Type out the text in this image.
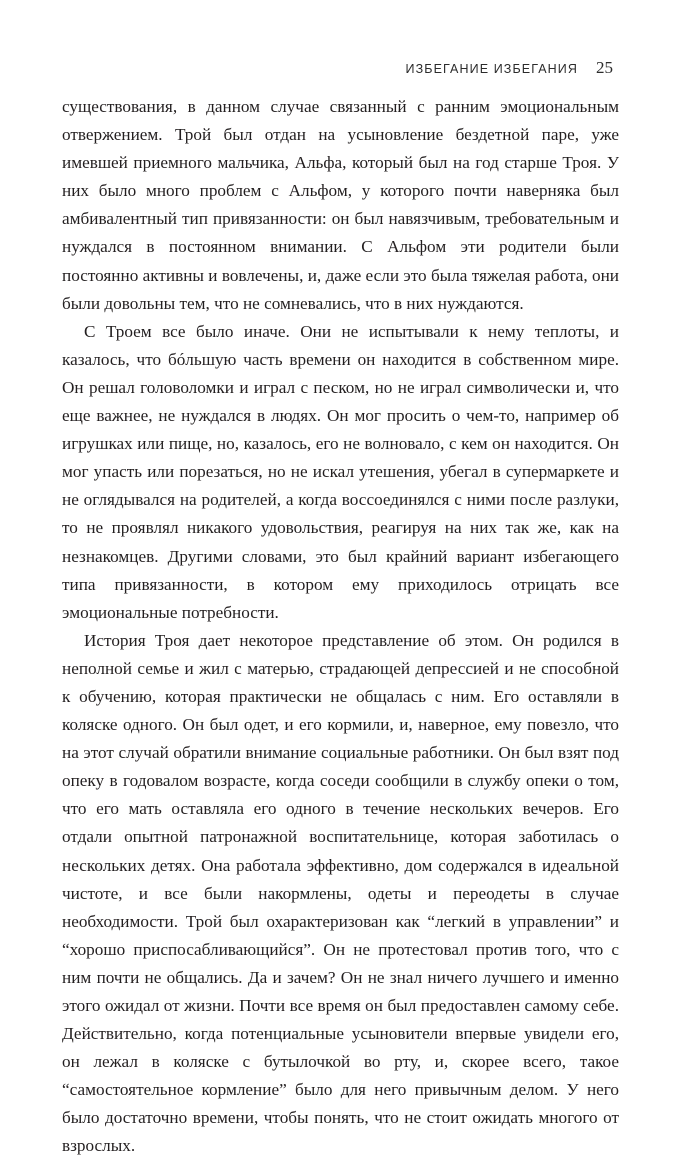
ИЗБЕГАНИЕ ИЗБЕГАНИЯ 25

существования, в данном случае связанный с ранним эмоциональным отвержением. Трой был отдан на усыновление бездетной паре, уже имевшей приемного мальчика, Альфа, который был на год старше Троя. У них было много проблем с Альфом, у которого почти наверняка был амбивалентный тип привязанности: он был навязчивым, требовательным и нуждался в постоянном внимании. С Альфом эти родители были постоянно активны и вовлечены, и, даже если это была тяжелая работа, они были довольны тем, что не сомневались, что в них нуждаются.

С Троем все было иначе. Они не испытывали к нему теплоты, и казалось, что бóльшую часть времени он находится в собственном мире. Он решал головоломки и играл с песком, но не играл символически и, что еще важнее, не нуждался в людях. Он мог просить о чем-то, например об игрушках или пище, но, казалось, его не волновало, с кем он находится. Он мог упасть или порезаться, но не искал утешения, убегал в супермаркете и не оглядывался на родителей, а когда воссоединялся с ними после разлуки, то не проявлял никакого удовольствия, реагируя на них так же, как на незнакомцев. Другими словами, это был крайний вариант избегающего типа привязанности, в котором ему приходилось отрицать все эмоциональные потребности.

История Троя дает некоторое представление об этом. Он родился в неполной семье и жил с матерью, страдающей депрессией и не способной к обучению, которая практически не общалась с ним. Его оставляли в коляске одного. Он был одет, и его кормили, и, наверное, ему повезло, что на этот случай обратили внимание социальные работники. Он был взят под опеку в годовалом возрасте, когда соседи сообщили в службу опеки о том, что его мать оставляла его одного в течение нескольких вечеров. Его отдали опытной патронажной воспитательнице, которая заботилась о нескольких детях. Она работала эффективно, дом содержался в идеальной чистоте, и все были накормлены, одеты и переодеты в случае необходимости. Трой был охарактеризован как “легкий в управлении” и “хорошо приспосабливающийся”. Он не протестовал против того, что с ним почти не общались. Да и зачем? Он не знал ничего лучшего и именно этого ожидал от жизни. Почти все время он был предоставлен самому себе. Действительно, когда потенциальные усыновители впервые увидели его, он лежал в коляске с бутылочкой во рту, и, скорее всего, такое “самостоятельное кормление” было для него привычным делом. У него было достаточно времени, чтобы понять, что не стоит ожидать многого от взрослых.
